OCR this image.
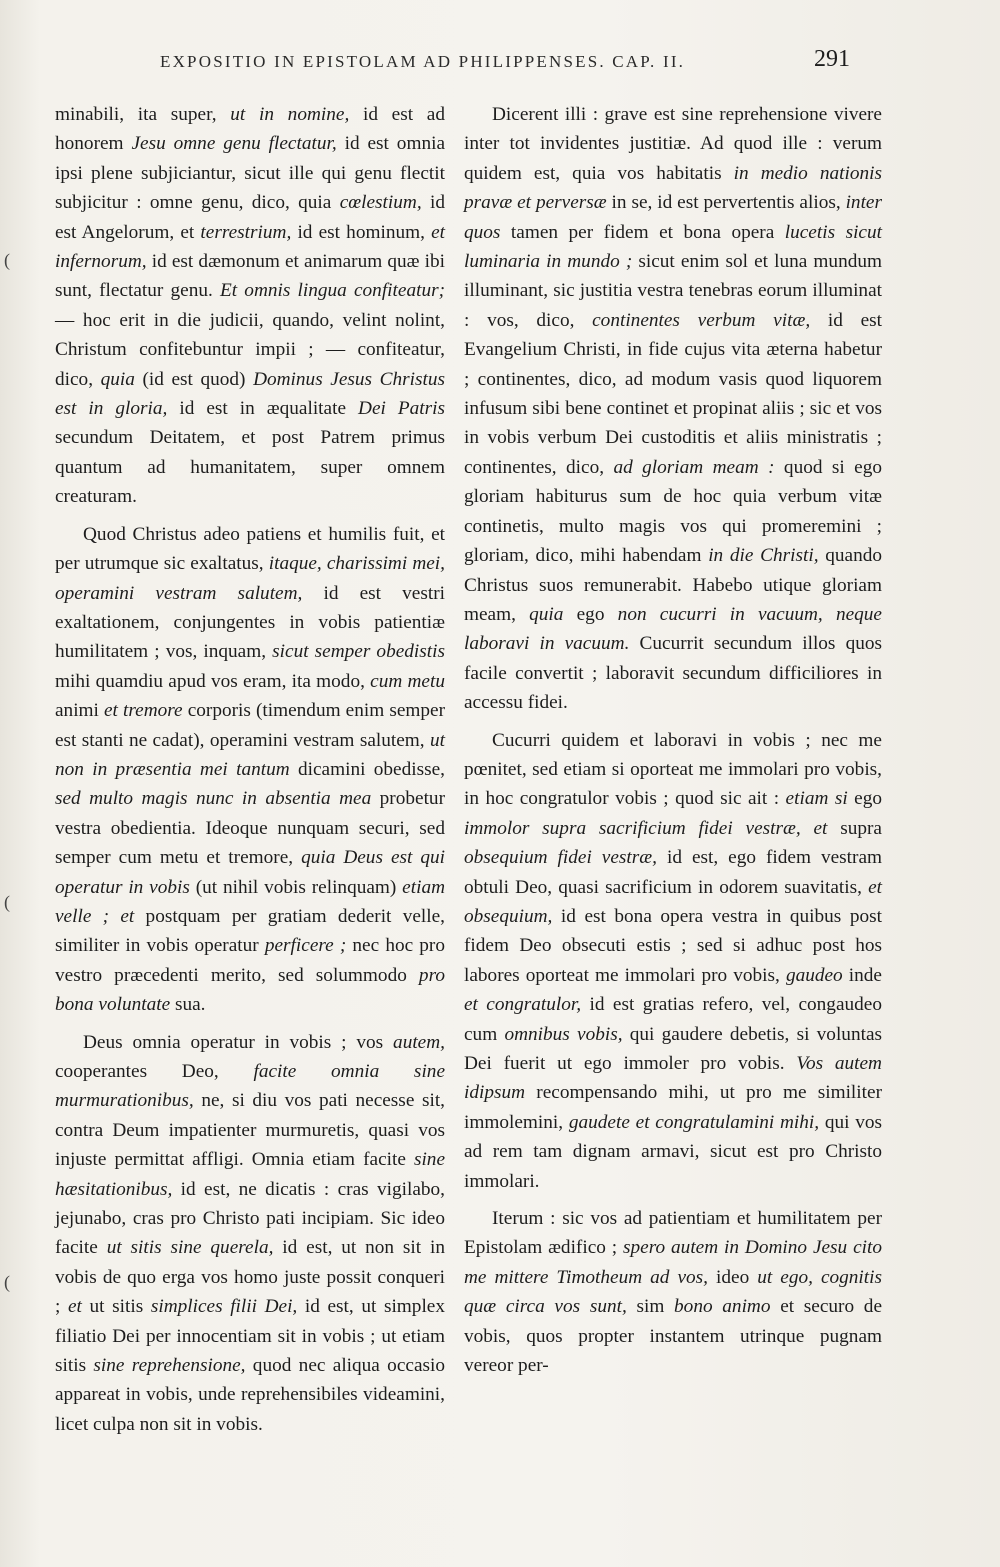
EXPOSITIO IN EPISTOLAM AD PHILIPPENSES. CAP. II.	291
(
(
(

minabili, ita super, ut in nomine, id est ad honorem Jesu omne genu flectatur, id est omnia ipsi plene subjiciantur, sicut ille qui genu flectit subjicitur : omne genu, dico, quia cœlestium, id est Angelorum, et terrestrium, id est hominum, et infernorum, id est dæmonum et animarum quæ ibi sunt, flectatur genu. Et omnis lingua confiteatur; — hoc erit in die judicii, quando, velint nolint, Christum confitebuntur impii ; — confiteatur, dico, quia (id est quod) Dominus Jesus Christus est in gloria, id est in æqualitate Dei Patris secundum Deitatem, et post Patrem primus quantum ad humanitatem, super omnem creaturam.

Quod Christus adeo patiens et humilis fuit, et per utrumque sic exaltatus, itaque, charissimi mei, operamini vestram salutem, id est vestri exaltationem, conjungentes in vobis patientiæ humilitatem ; vos, inquam, sicut semper obedistis mihi quamdiu apud vos eram, ita modo, cum metu animi et tremore corporis (timendum enim semper est stanti ne cadat), operamini vestram salutem, ut non in præsentia mei tantum dicamini obedisse, sed multo magis nunc in absentia mea probetur vestra obedientia. Ideoque nunquam securi, sed semper cum metu et tremore, quia Deus est qui operatur in vobis (ut nihil vobis relinquam) etiam velle ; et postquam per gratiam dederit velle, similiter in vobis operatur perficere ; nec hoc pro vestro præcedenti merito, sed solummodo pro bona voluntate sua.

Deus omnia operatur in vobis ; vos autem, cooperantes Deo, facite omnia sine murmurationibus, ne, si diu vos pati necesse sit, contra Deum impatienter murmuretis, quasi vos injuste permittat affligi. Omnia etiam facite sine hæsitationibus, id est, ne dicatis : cras vigilabo, jejunabo, cras pro Christo pati incipiam. Sic ideo facite ut sitis sine querela, id est, ut non sit in vobis de quo erga vos homo juste possit conqueri ; et ut sitis simplices filii Dei, id est, ut simplex filiatio Dei per innocentiam sit in vobis ; ut etiam sitis sine reprehensione, quod nec aliqua occasio appareat in vobis, unde reprehensibiles videamini, licet culpa non sit in vobis.

Dicerent illi : grave est sine reprehensione vivere inter tot invidentes justitiæ. Ad quod ille : verum quidem est, quia vos habitatis in medio nationis pravæ et perversæ in se, id est pervertentis alios, inter quos tamen per fidem et bona opera lucetis sicut luminaria in mundo ; sicut enim sol et luna mundum illuminant, sic justitia vestra tenebras eorum illuminat : vos, dico, continentes verbum vitæ, id est Evangelium Christi, in fide cujus vita æterna habetur ; continentes, dico, ad modum vasis quod liquorem infusum sibi bene continet et propinat aliis ; sic et vos in vobis verbum Dei custoditis et aliis ministratis ; continentes, dico, ad gloriam meam : quod si ego gloriam habiturus sum de hoc quia verbum vitæ continetis, multo magis vos qui promeremini ; gloriam, dico, mihi habendam in die Christi, quando Christus suos remunerabit. Habebo utique gloriam meam, quia ego non cucurri in vacuum, neque laboravi in vacuum. Cucurrit secundum illos quos facile convertit ; laboravit secundum difficiliores in accessu fidei.

Cucurri quidem et laboravi in vobis ; nec me pœnitet, sed etiam si oporteat me immolari pro vobis, in hoc congratulor vobis ; quod sic ait : etiam si ego immolor supra sacrificium fidei vestræ, et supra obsequium fidei vestræ, id est, ego fidem vestram obtuli Deo, quasi sacrificium in odorem suavitatis, et obsequium, id est bona opera vestra in quibus post fidem Deo obsecuti estis ; sed si adhuc post hos labores oporteat me immolari pro vobis, gaudeo inde et congratulor, id est gratias refero, vel, congaudeo cum omnibus vobis, qui gaudere debetis, si voluntas Dei fuerit ut ego immoler pro vobis. Vos autem idipsum recompensando mihi, ut pro me similiter immolemini, gaudete et congratulamini mihi, qui vos ad rem tam dignam armavi, sicut est pro Christo immolari.

Iterum : sic vos ad patientiam et humilitatem per Epistolam ædifico ; spero autem in Domino Jesu cito me mittere Timotheum ad vos, ideo ut ego, cognitis quæ circa vos sunt, sim bono animo et securo de vobis, quos propter instantem utrinque pugnam vereor per-
